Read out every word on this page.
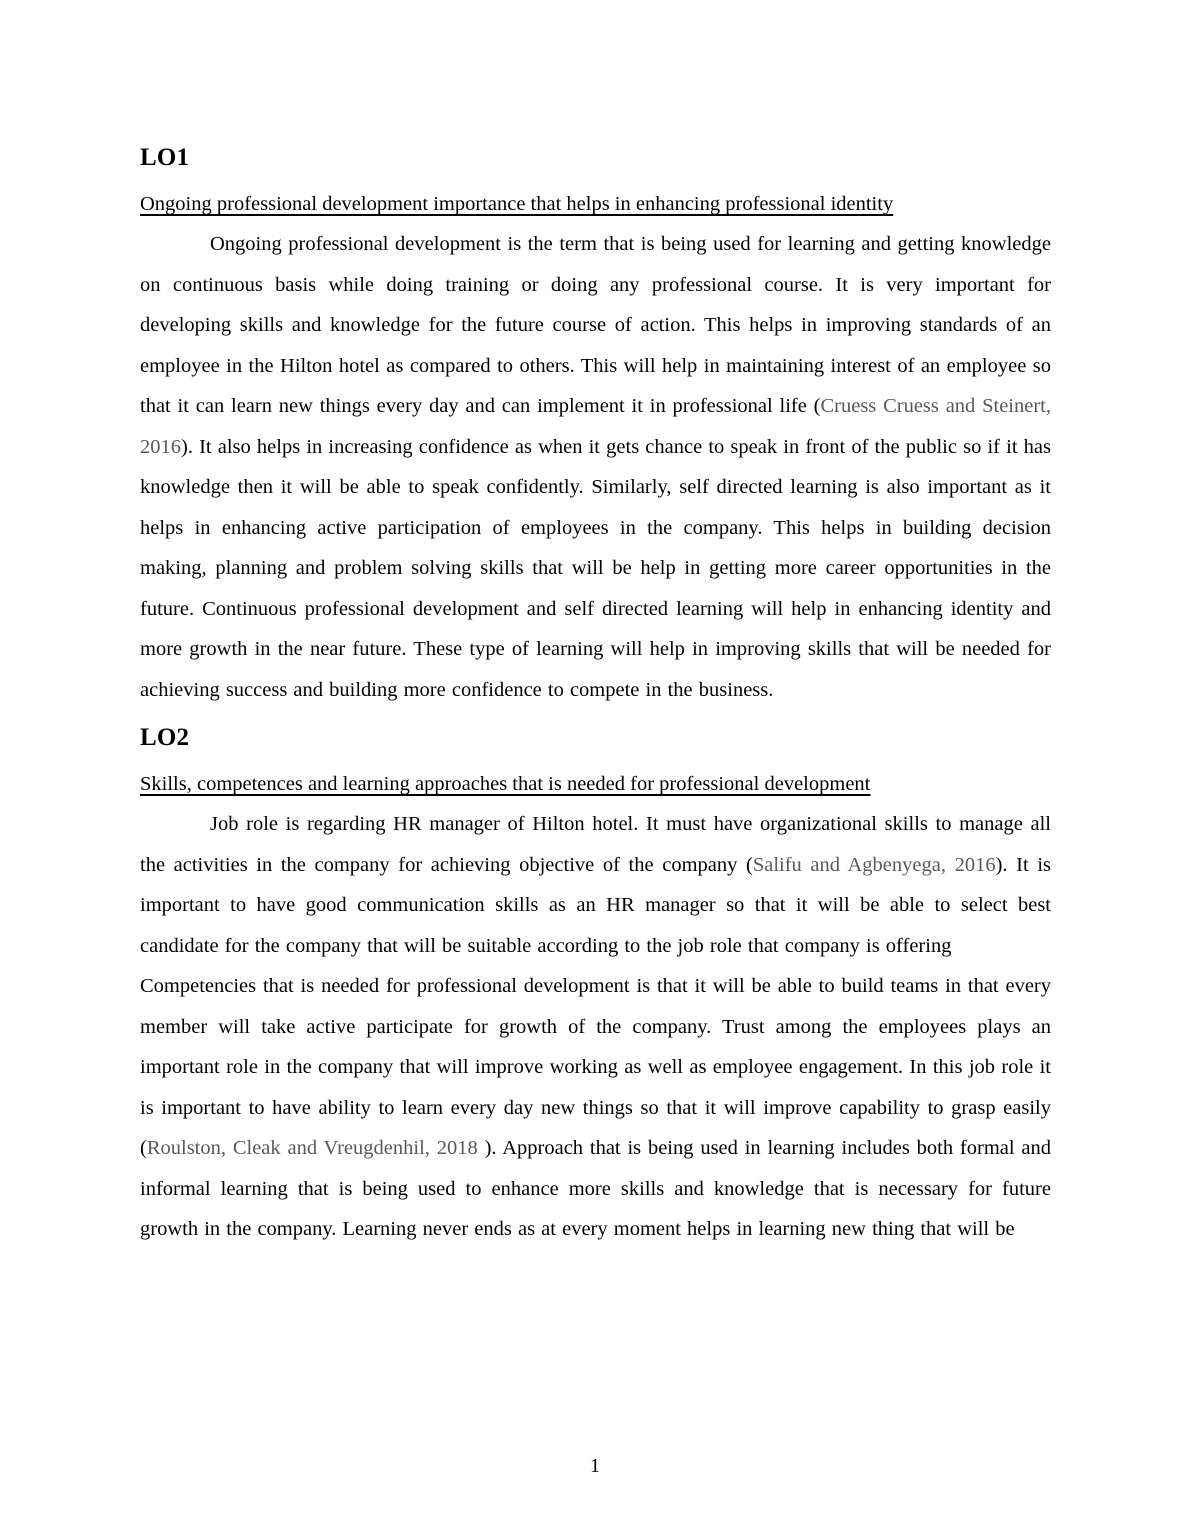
LO1
Ongoing professional development importance that helps in enhancing professional identity

Ongoing professional development is the term that is being used for learning and getting knowledge on continuous basis while doing training or doing any professional course. It is very important for developing skills and knowledge for the future course of action. This helps in improving standards of an employee in the Hilton hotel as compared to others. This will help in maintaining interest of an employee so that it can learn new things every day and can implement it in professional life (Cruess Cruess and Steinert, 2016). It also helps in increasing confidence as when it gets chance to speak in front of the public so if it has knowledge then it will be able to speak confidently. Similarly, self directed learning is also important as it helps in enhancing active participation of employees in the company. This helps in building decision making, planning and problem solving skills that will be help in getting more career opportunities in the future. Continuous professional development and self directed learning will help in enhancing identity and more growth in the near future. These type of learning will help in improving skills that will be needed for achieving success and building more confidence to compete in the business.

LO2
Skills, competences and learning approaches that is needed for professional development

Job role is regarding HR manager of Hilton hotel. It must have organizational skills to manage all the activities in the company for achieving objective of the company (Salifu and Agbenyega, 2016). It is important to have good communication skills as an HR manager so that it will be able to select best candidate for the company that will be suitable according to the job role that company is offering

Competencies that is needed for professional development is that it will be able to build teams in that every member will take active participate for growth of the company. Trust among the employees plays an important role in the company that will improve working as well as employee engagement. In this job role it is important to have ability to learn every day new things so that it will improve capability to grasp easily (Roulston, Cleak and Vreugdenhil, 2018 ). Approach that is being used in learning includes both formal and informal learning that is being used to enhance more skills and knowledge that is necessary for future growth in the company. Learning never ends as at every moment helps in learning new thing that will be

1
